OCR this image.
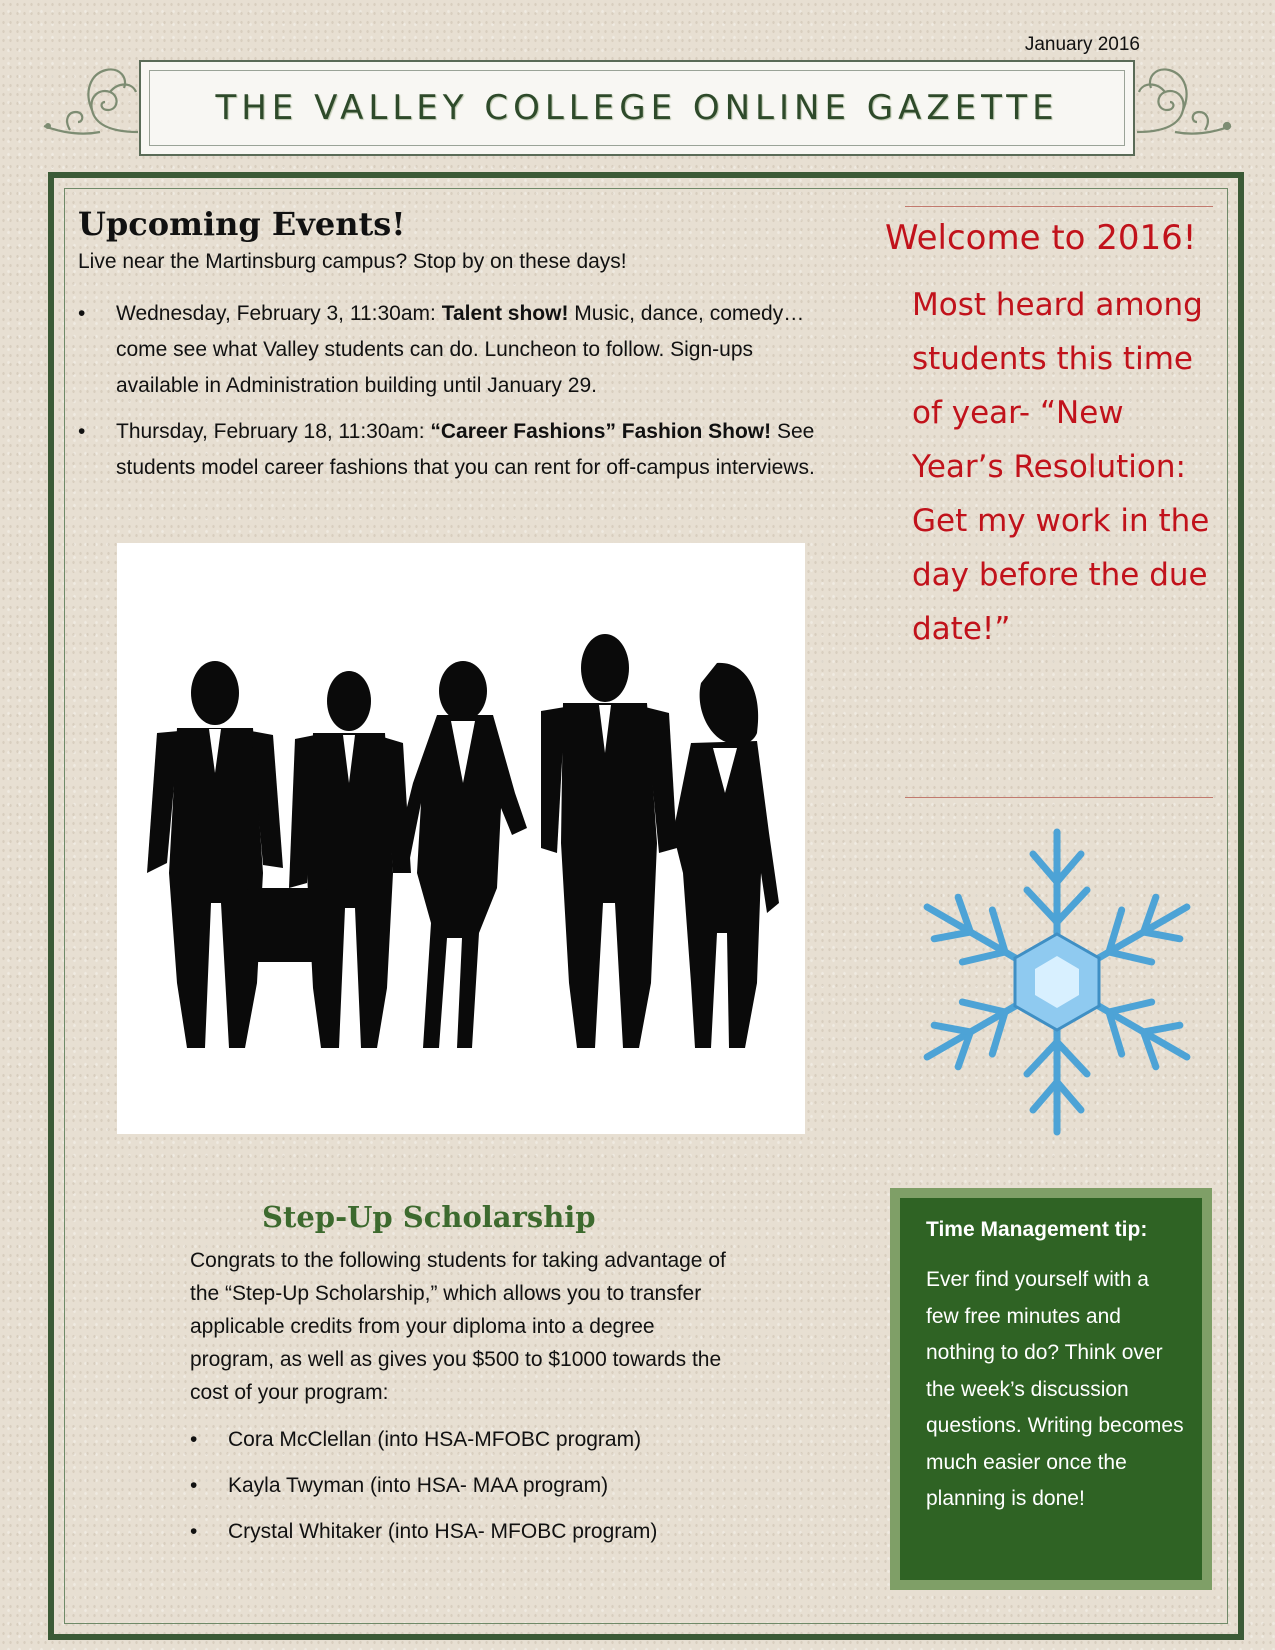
January 2016
THE VALLEY COLLEGE ONLINE GAZETTE
Upcoming Events!
Live near the Martinsburg campus? Stop by on these days!
• Wednesday, February 3, 11:30am: Talent show! Music, dance, comedy… come see what Valley students can do. Luncheon to follow. Sign-ups available in Administration building until January 29.
• Thursday, February 18, 11:30am: “Career Fashions” Fashion Show! See students model career fashions that you can rent for off-campus interviews.
Step-Up Scholarship
Congrats to the following students for taking advantage of the “Step-Up Scholarship,” which allows you to transfer applicable credits from your diploma into a degree program, as well as gives you $500 to $1000 towards the cost of your program:
• Cora McClellan (into HSA-MFOBC program)
• Kayla Twyman (into HSA- MAA program)
• Crystal Whitaker (into HSA- MFOBC program)
Welcome to 2016!
Most heard among students this time of year- “New Year’s Resolution: Get my work in the day before the due date!”
Time Management tip:
Ever find yourself with a few free minutes and nothing to do? Think over the week’s discussion questions. Writing becomes much easier once the planning is done!
